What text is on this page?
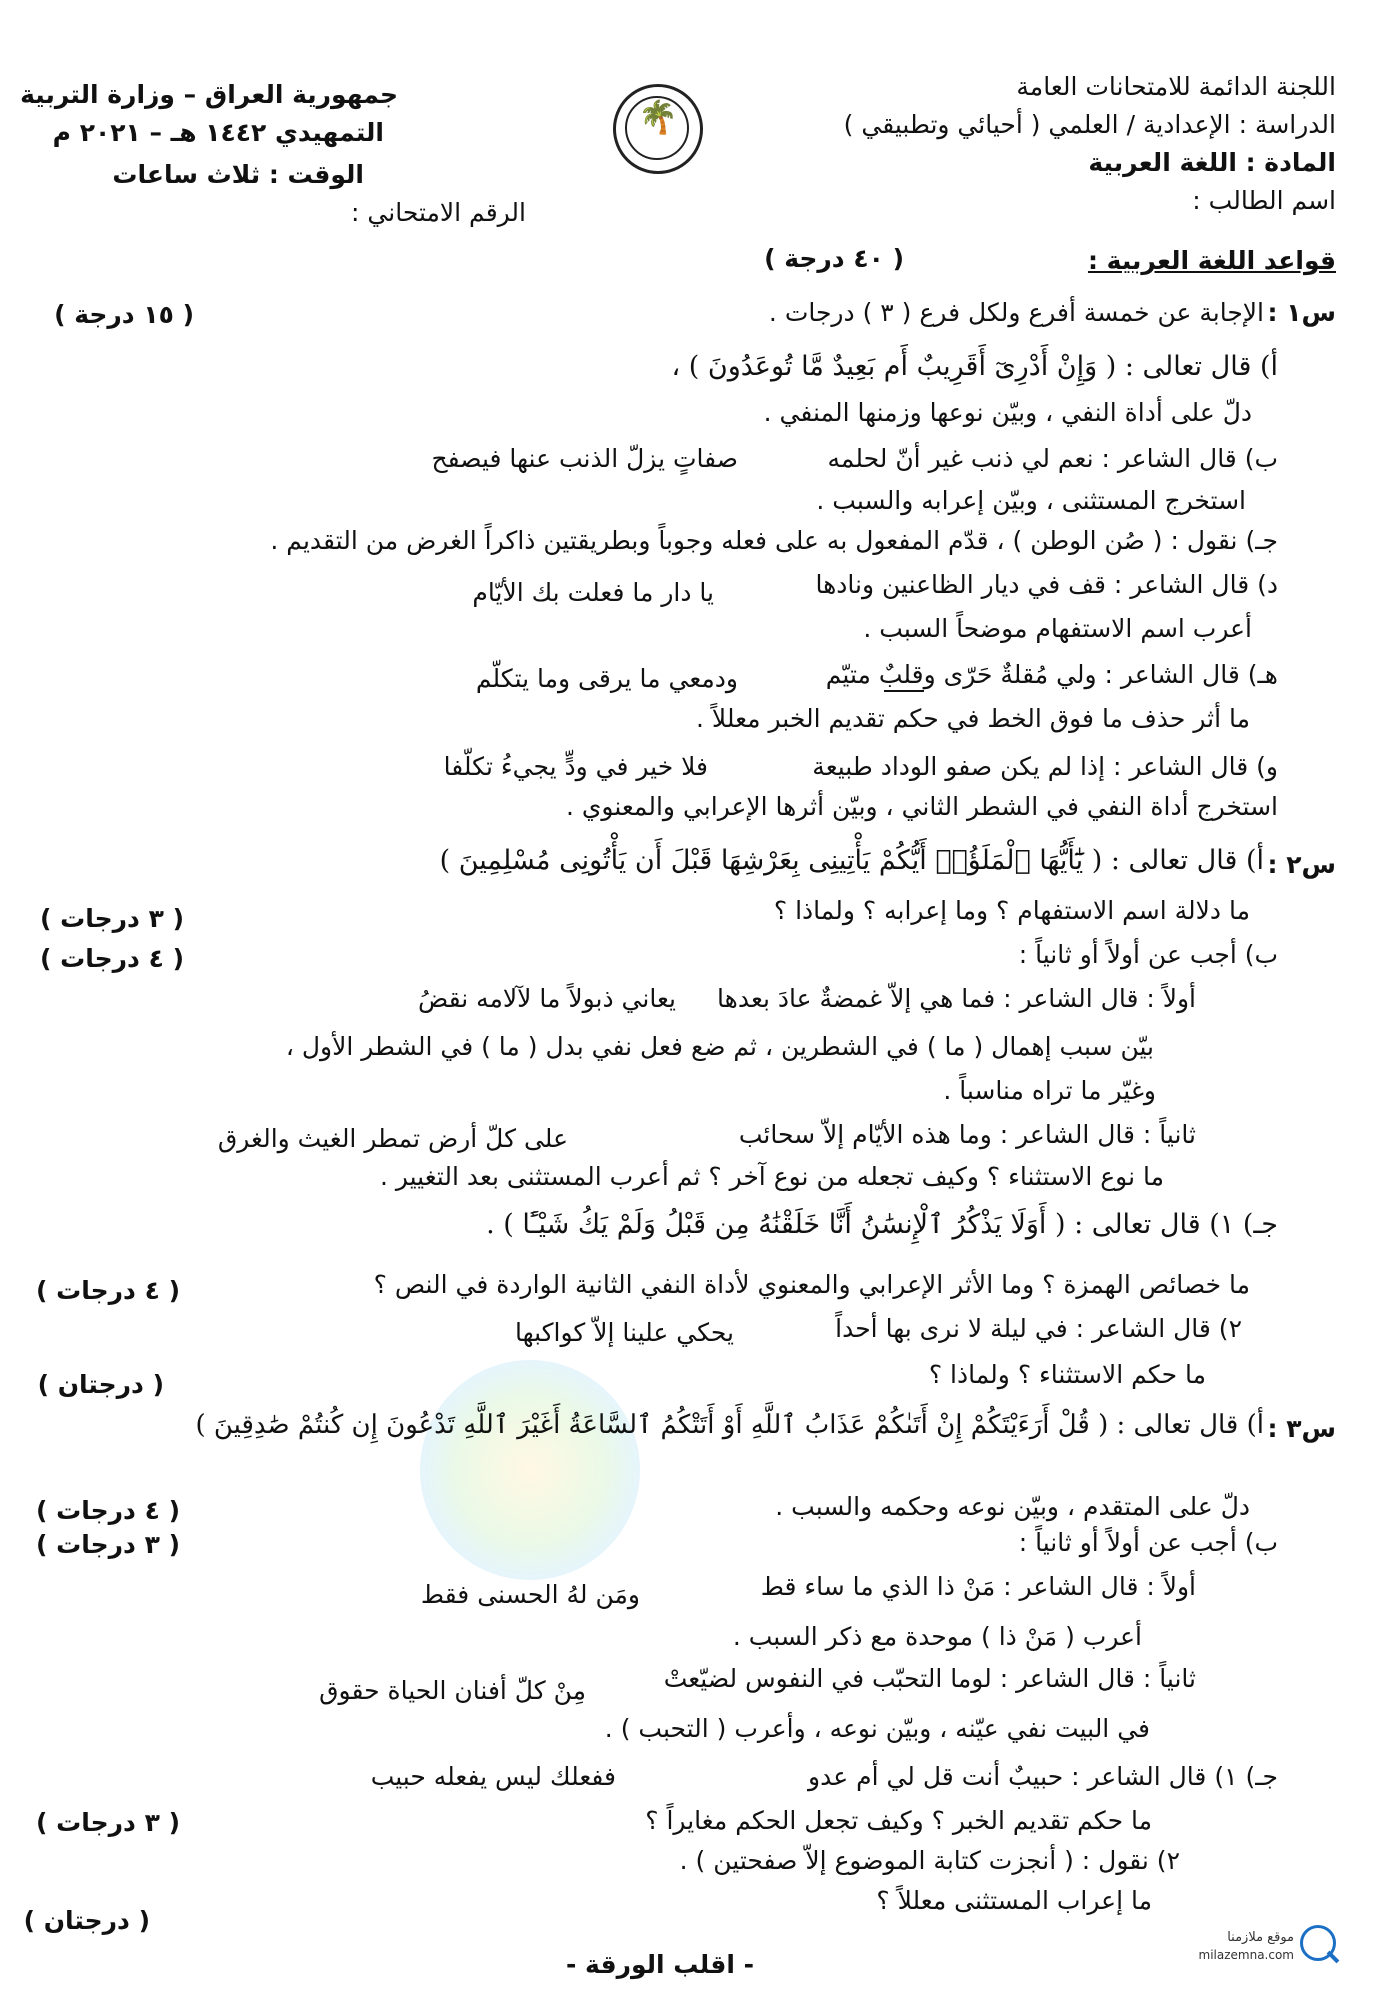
🌴
اللجنة الدائمة للامتحانات العامة
الدراسة : الإعدادية / العلمي ( أحيائي وتطبيقي )
المادة : اللغة العربية
اسم الطالب :
جمهورية العراق – وزارة التربية
التمهيدي ١٤٤٢ هـ – ٢٠٢١ م
الوقت : ثلاث ساعات
الرقم الامتحاني :
قواعد اللغة العربية :
( ٤٠ درجة )
س١ :
الإجابة عن خمسة أفرع ولكل فرع ( ٣ ) درجات .
( ١٥ درجة )
أ) قال تعالى : ( وَإِنْ أَدْرِىٓ أَقَرِيبٌ أَم بَعِيدٌ مَّا تُوعَدُونَ ) ،
دلّ على أداة النفي ، وبيّن نوعها وزمنها المنفي .
ب) قال الشاعر : نعم لي ذنب غير أنّ لحلمه
صفاتٍ يزلّ الذنب عنها فيصفح
استخرج المستثنى ، وبيّن إعرابه والسبب .
جـ) نقول : ( صُن الوطن ) ، قدّم المفعول به على فعله وجوباً وبطريقتين ذاكراً الغرض من التقديم .
د) قال الشاعر : قف في ديار الظاعنين ونادها
يا دار ما فعلت بك الأيّام
أعرب اسم الاستفهام موضحاً السبب .
هـ) قال الشاعر : ولي مُقلةٌ حَرّى وقلبٌ متيّم
ودمعي ما يرقى وما يتكلّم
ما أثر حذف ما فوق الخط في حكم تقديم الخبر معللاً .
و) قال الشاعر : إذا لم يكن صفو الوداد طبيعة
فلا خير في ودٍّ يجيءُ تكلّفا
استخرج أداة النفي في الشطر الثاني ، وبيّن أثرها الإعرابي والمعنوي .
س٢ :
أ) قال تعالى : ( يَٰٓأَيُّهَا ٱلْمَلَؤُا۟ أَيُّكُمْ يَأْتِينِى بِعَرْشِهَا قَبْلَ أَن يَأْتُونِى مُسْلِمِينَ )
ما دلالة اسم الاستفهام ؟ وما إعرابه ؟ ولماذا ؟
( ٣ درجات )
ب) أجب عن أولاً أو ثانياً :
( ٤ درجات )
أولاً : قال الشاعر : فما هي إلاّ غمضةٌ عادَ بعدها
يعاني ذبولاً ما لآلامه نقضُ
بيّن سبب إهمال ( ما ) في الشطرين ، ثم ضع فعل نفي بدل ( ما ) في الشطر الأول ،
وغيّر ما تراه مناسباً .
ثانياً : قال الشاعر : وما هذه الأيّام إلاّ سحائب
على كلّ أرض تمطر الغيث والغرق
ما نوع الاستثناء ؟ وكيف تجعله من نوع آخر ؟ ثم أعرب المستثنى بعد التغيير .
جـ) ١) قال تعالى : ( أَوَلَا يَذْكُرُ ٱلْإِنسَٰنُ أَنَّا خَلَقْنَٰهُ مِن قَبْلُ وَلَمْ يَكُ شَيْـًٔا ) .
ما خصائص الهمزة ؟ وما الأثر الإعرابي والمعنوي لأداة النفي الثانية الواردة في النص ؟
( ٤ درجات )
٢) قال الشاعر : في ليلة لا نرى بها أحداً
يحكي علينا إلاّ كواكبها
ما حكم الاستثناء ؟ ولماذا ؟
( درجتان )
س٣ :
أ) قال تعالى : ( قُلْ أَرَءَيْتَكُمْ إِنْ أَتَىٰكُمْ عَذَابُ ٱللَّهِ أَوْ أَتَتْكُمُ ٱلسَّاعَةُ أَغَيْرَ ٱللَّهِ تَدْعُونَ إِن كُنتُمْ صَٰدِقِينَ )
دلّ على المتقدم ، وبيّن نوعه وحكمه والسبب .
( ٤ درجات )
ب) أجب عن أولاً أو ثانياً :
( ٣ درجات )
أولاً : قال الشاعر : مَنْ ذا الذي ما ساء قط
ومَن لهُ الحسنى فقط
أعرب ( مَنْ ذا ) موحدة مع ذكر السبب .
ثانياً : قال الشاعر : لوما التحبّب في النفوس لضيّعتْ
مِنْ كلّ أفنان الحياة حقوق
في البيت نفي عيّنه ، وبيّن نوعه ، وأعرب ( التحبب ) .
جـ) ١) قال الشاعر : حبيبٌ أنت قل لي أم عدو
ففعلك ليس يفعله حبيب
ما حكم تقديم الخبر ؟ وكيف تجعل الحكم مغايراً ؟
( ٣ درجات )
٢) نقول : ( أنجزت كتابة الموضوع إلاّ صفحتين ) .
ما إعراب المستثنى معللاً ؟
( درجتان )
- اقلب الورقة -
موقع ملازمنا
milazemna.com
